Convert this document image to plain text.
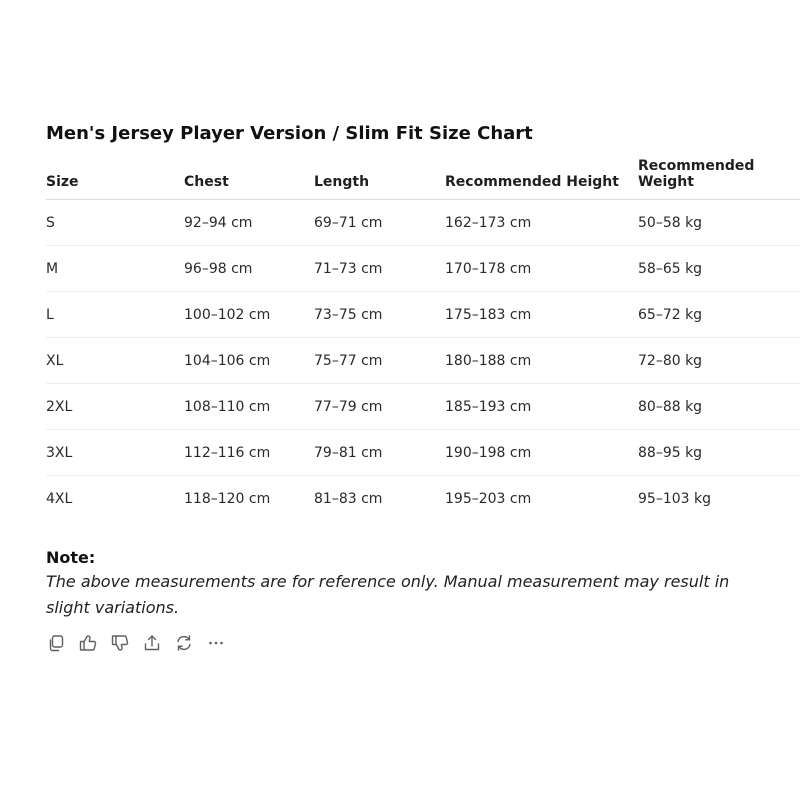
Men's Jersey Player Version / Slim Fit Size Chart
Size	Chest	Length	Recommended Height	Recommended Weight
S	92–94 cm	69–71 cm	162–173 cm	50–58 kg
M	96–98 cm	71–73 cm	170–178 cm	58–65 kg
L	100–102 cm	73–75 cm	175–183 cm	65–72 kg
XL	104–106 cm	75–77 cm	180–188 cm	72–80 kg
2XL	108–110 cm	77–79 cm	185–193 cm	80–88 kg
3XL	112–116 cm	79–81 cm	190–198 cm	88–95 kg
4XL	118–120 cm	81–83 cm	195–203 cm	95–103 kg
Note:
The above measurements are for reference only. Manual measurement may result in slight variations.
